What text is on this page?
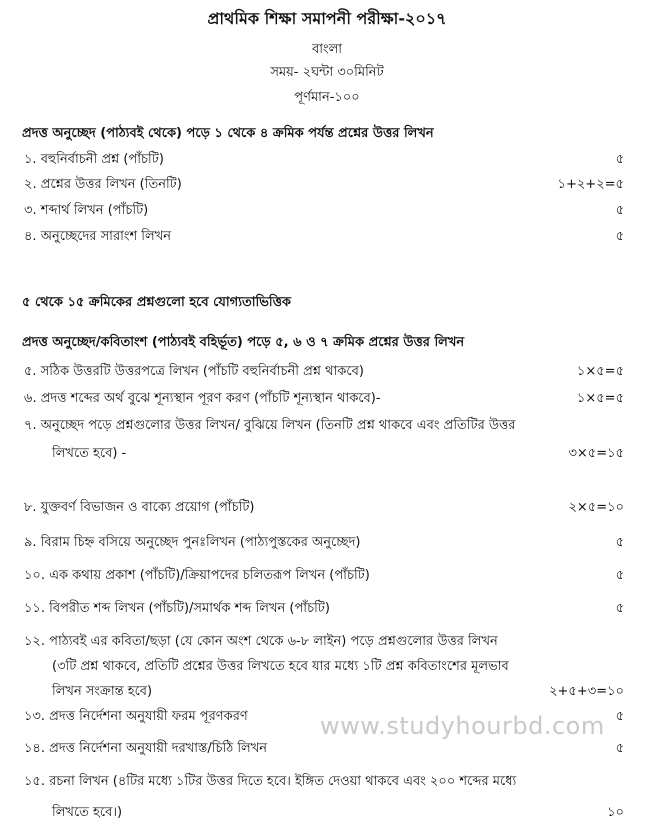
প্রাথমিক শিক্ষা সমাপনী পরীক্ষা-২০১৭
বাংলা
সময়- ২ঘন্টা ৩০মিনিট
পূর্ণমান-১০০
প্রদত্ত অনুচ্ছেদ (পাঠ্যবই থেকে) পড়ে ১ থেকে ৪ ক্রমিক পর্যন্ত প্রশ্নের উত্তর লিখন
১. বহুনির্বাচনী প্রশ্ন (পাঁচটি)	৫
২. প্রশ্নের উত্তর লিখন (তিনটি)	১+২+২=৫
৩. শব্দার্থ লিখন (পাঁচটি)	৫
৪. অনুচ্ছেদের সারাংশ লিখন	৫
৫ থেকে ১৫ ক্রমিকের প্রশ্নগুলো হবে যোগ্যতাভিত্তিক
প্রদত্ত অনুচ্ছেদ/কবিতাংশ (পাঠ্যবই বহির্ভূত) পড়ে ৫, ৬ ও ৭ ক্রমিক প্রশ্নের উত্তর লিখন
৫. সঠিক উত্তরটি উত্তরপত্রে লিখন (পাঁচটি বহুনির্বাচনী প্রশ্ন থাকবে)	১×৫=৫
৬. প্রদত্ত শব্দের অর্থ বুঝে শূন্যস্থান পূরণ করণ (পাঁচটি শূন্যস্থান থাকবে)-	১×৫=৫
৭. অনুচ্ছেদ পড়ে প্রশ্নগুলোর উত্তর লিখন/ বুঝিয়ে লিখন (তিনটি প্রশ্ন থাকবে এবং প্রতিটির উত্তর
লিখতে হবে) -	৩×৫=১৫
৮. যুক্তবর্ণ বিভাজন ও বাক্যে প্রয়োগ (পাঁচটি)	২×৫=১০
৯. বিরাম চিহ্ন বসিয়ে অনুচ্ছেদ পুনঃলিখন (পাঠ্যপুস্তকের অনুচ্ছেদ)	৫
১০. এক কথায় প্রকাশ (পাঁচটি)/ক্রিয়াপদের চলিতরূপ লিখন (পাঁচটি)	৫
১১. বিপরীত শব্দ লিখন (পাঁচটি)/সমার্থক শব্দ লিখন (পাঁচটি)	৫
১২. পাঠ্যবই এর কবিতা/ছড়া (যে কোন অংশ থেকে ৬-৮ লাইন) পড়ে প্রশ্নগুলোর উত্তর লিখন
(৩টি প্রশ্ন থাকবে, প্রতিটি প্রশ্নের উত্তর লিখতে হবে যার মধ্যে ১টি প্রশ্ন কবিতাংশের মূলভাব
লিখন সংক্রান্ত হবে)	২+৫+৩=১০
১৩. প্রদত্ত নির্দেশনা অনুযায়ী ফরম পূরণকরণ	৫
১৪. প্রদত্ত নির্দেশনা অনুযায়ী দরখাস্ত/চিঠি লিখন	৫
১৫. রচনা লিখন (৪টির মধ্যে ১টির উত্তর দিতে হবে। ইঙ্গিত দেওয়া থাকবে এবং ২০০ শব্দের মধ্যে
লিখতে হবে।)	১০
www.studyhourbd.com
